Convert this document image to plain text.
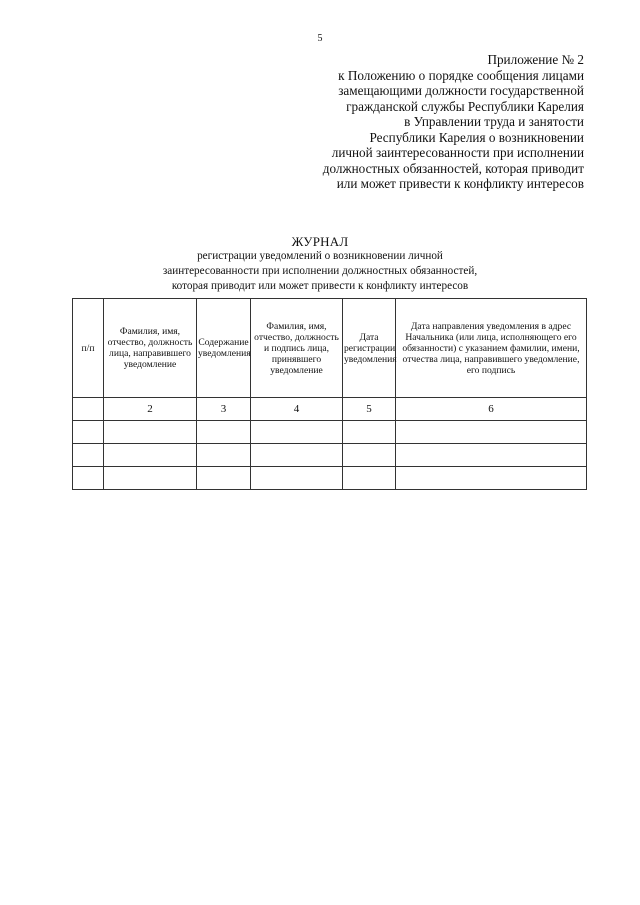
5
Приложение № 2
к Положению о порядке сообщения лицами
замещающими должности государственной
гражданской службы Республики Карелия
в Управлении труда и занятости
Республики Карелия о возникновении
личной заинтересованности при исполнении
должностных обязанностей, которая приводит
или может привести к конфликту интересов
ЖУРНАЛ
регистрации уведомлений о возникновении личной
заинтересованности при исполнении должностных обязанностей,
которая приводит или может привести к конфликту интересов
п/п	Фамилия, имя, отчество, должность лица, направившего уведомление	Содержание уведомления	Фамилия, имя, отчество, должность и подпись лица, принявшего уведомление	Дата регистрации уведомления	Дата направления уведомления в адрес Начальника (или лица, исполняющего его обязанности) с указанием фамилии, имени, отчества лица, направившего уведомление, его подпись
	2	3	4	5	6
